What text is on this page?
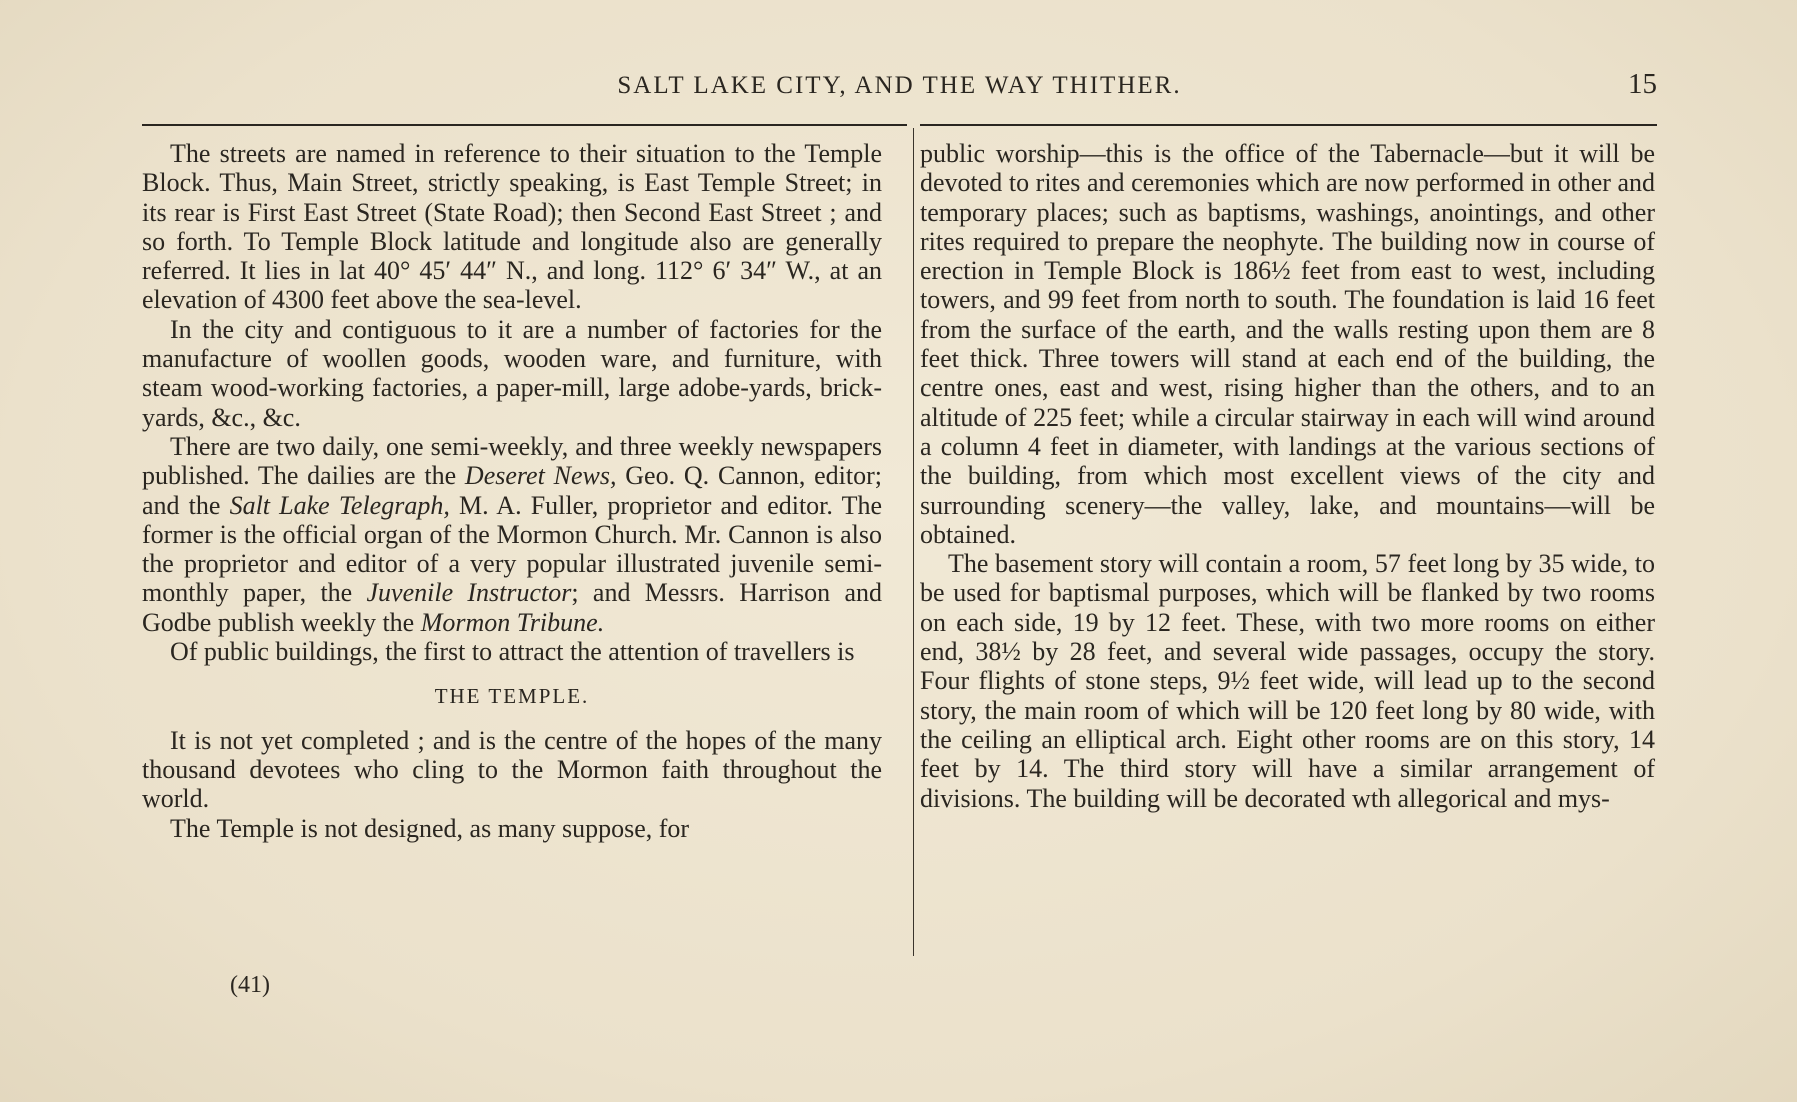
SALT LAKE CITY, AND THE WAY THITHER.	15

The streets are named in reference to their situation to the Temple Block. Thus, Main Street, strictly speaking, is East Temple Street; in its rear is First East Street (State Road); then Second East Street ; and so forth. To Temple Block latitude and longitude also are generally referred. It lies in lat 40° 45′ 44″ N., and long. 112° 6′ 34″ W., at an elevation of 4300 feet above the sea-level.

In the city and contiguous to it are a number of factories for the manufacture of woollen goods, wooden ware, and furniture, with steam wood-working factories, a paper-mill, large adobe-yards, brick-yards, &c., &c.

There are two daily, one semi-weekly, and three weekly newspapers published. The dailies are the Deseret News, Geo. Q. Cannon, editor; and the Salt Lake Telegraph, M. A. Fuller, proprietor and editor. The former is the official organ of the Mormon Church. Mr. Cannon is also the proprietor and editor of a very popular illustrated juvenile semi-monthly paper, the Juvenile Instructor; and Messrs. Harrison and Godbe publish weekly the Mormon Tribune.

Of public buildings, the first to attract the attention of travellers is

THE TEMPLE.

It is not yet completed ; and is the centre of the hopes of the many thousand devotees who cling to the Mormon faith throughout the world.

The Temple is not designed, as many suppose, for

public worship—this is the office of the Tabernacle—but it will be devoted to rites and ceremonies which are now performed in other and temporary places; such as baptisms, washings, anointings, and other rites required to prepare the neophyte. The building now in course of erection in Temple Block is 186½ feet from east to west, including towers, and 99 feet from north to south. The foundation is laid 16 feet from the surface of the earth, and the walls resting upon them are 8 feet thick. Three towers will stand at each end of the building, the centre ones, east and west, rising higher than the others, and to an altitude of 225 feet; while a circular stairway in each will wind around a column 4 feet in diameter, with landings at the various sections of the building, from which most excellent views of the city and surrounding scenery—the valley, lake, and mountains—will be obtained.

The basement story will contain a room, 57 feet long by 35 wide, to be used for baptismal purposes, which will be flanked by two rooms on each side, 19 by 12 feet. These, with two more rooms on either end, 38½ by 28 feet, and several wide passages, occupy the story. Four flights of stone steps, 9½ feet wide, will lead up to the second story, the main room of which will be 120 feet long by 80 wide, with the ceiling an elliptical arch. Eight other rooms are on this story, 14 feet by 14. The third story will have a similar arrangement of divisions. The building will be decorated wth allegorical and mys-

(41)
